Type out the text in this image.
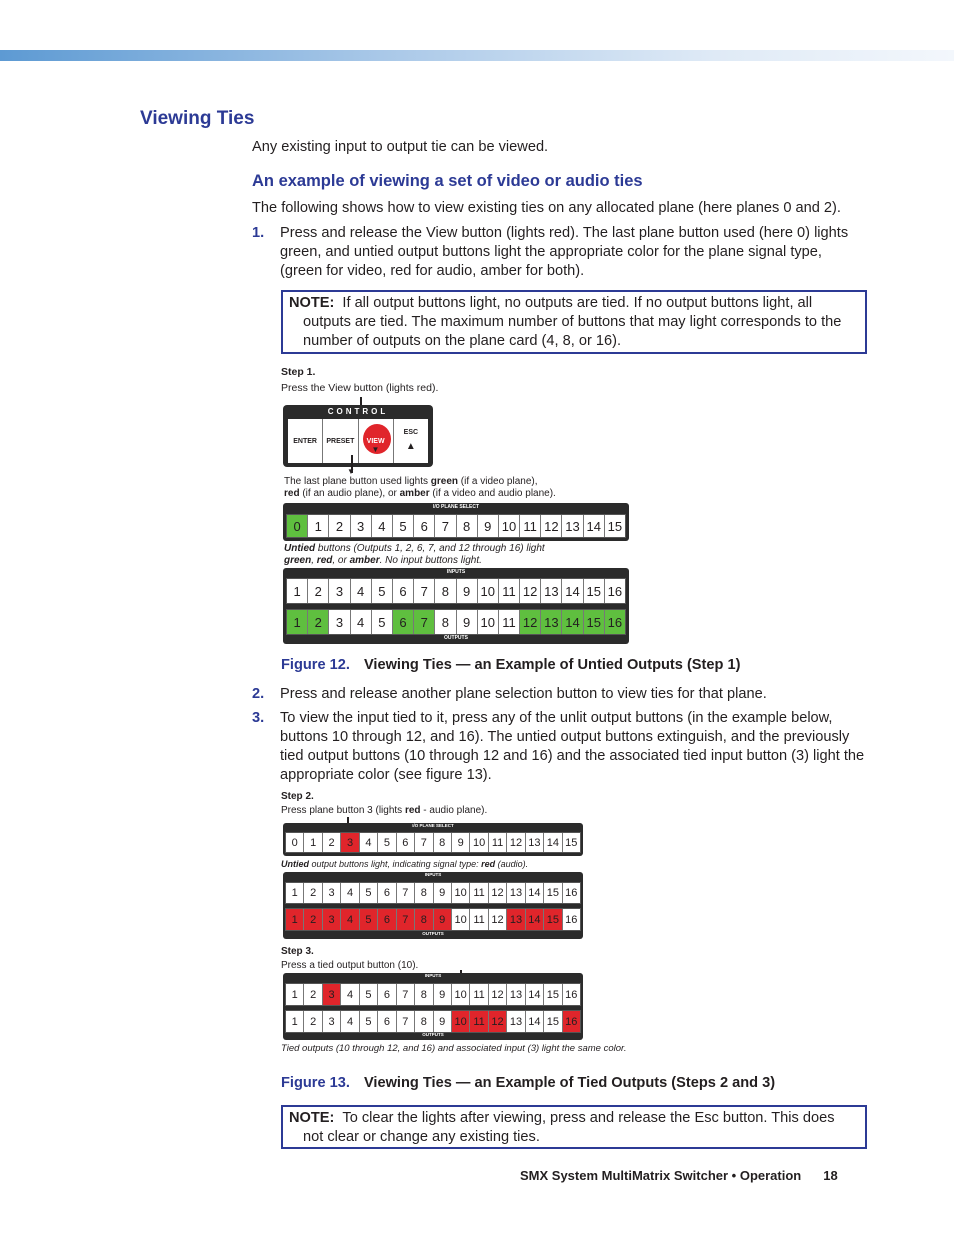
Viewing Ties
Any existing input to output tie can be viewed.
An example of viewing a set of video or audio ties
The following shows how to view existing ties on any allocated plane (here planes 0 and 2).
1. Press and release the View button (lights red). The last plane button used (here 0) lights green, and untied output buttons light the appropriate color for the plane signal type, (green for video, red for audio, amber for both).
NOTE: If all output buttons light, no outputs are tied. If no output buttons light, all outputs are tied. The maximum number of buttons that may light corresponds to the number of outputs on the plane card (4, 8, or 16).
Step 1.
Press the View button (lights red).
CONTROL
ENTER PRESET VIEW
▼
ESC
▲
▼
The last plane button used lights green (if a video plane),
red (if an audio plane), or amber (if a video and audio plane).
I/O PLANE SELECT
0	1	2	3	4	5	6	7	8	9 10 11 12 13 14 15
Untied buttons (Outputs 1, 2, 6, 7, and 12 through 16) light
green, red, or amber. No input buttons light.
INPUTS
1	2	3	4	5	6	7	8	9 10 11 12 13 14 15 16
1	2	3	4	5	6	7	8	9 10 11 12 13 14 15 16
OUTPUTS
Figure 12. Viewing Ties — an Example of Untied Outputs (Step 1)
2. Press and release another plane selection button to view ties for that plane.
3. To view the input tied to it, press any of the unlit output buttons (in the example below, buttons 10 through 12, and 16). The untied output buttons extinguish, and the previously tied output buttons (10 through 12 and 16) and the associated tied input button (3) light the appropriate color (see figure 13).
Step 2.
Press plane button 3 (lights red - audio plane).
I/O PLANE SELECT
0	1	2	3	4	5	6	7	8	9 10 11 12 13 14 15
Untied output buttons light, indicating signal type: red (audio).
INPUTS
1	2	3	4	5	6	7	8	9 10 11 12 13 14 15 16
1	2	3	4	5	6	7	8	9 10 11 12 13 14 15 16
OUTPUTS
Step 3.
Press a tied output button (10).
INPUTS
1	2	3	4	5	6	7	8	9 10 11 12 13 14 15 16
1	2	3	4	5	6	7	8	9 10 11 12 13 14 15 16
OUTPUTS
Tied outputs (10 through 12, and 16) and associated input (3) light the same color.
Figure 13. Viewing Ties — an Example of Tied Outputs (Steps 2 and 3)
NOTE: To clear the lights after viewing, press and release the Esc button. This does not clear or change any existing ties.
SMX System MultiMatrix Switcher • Operation 18
